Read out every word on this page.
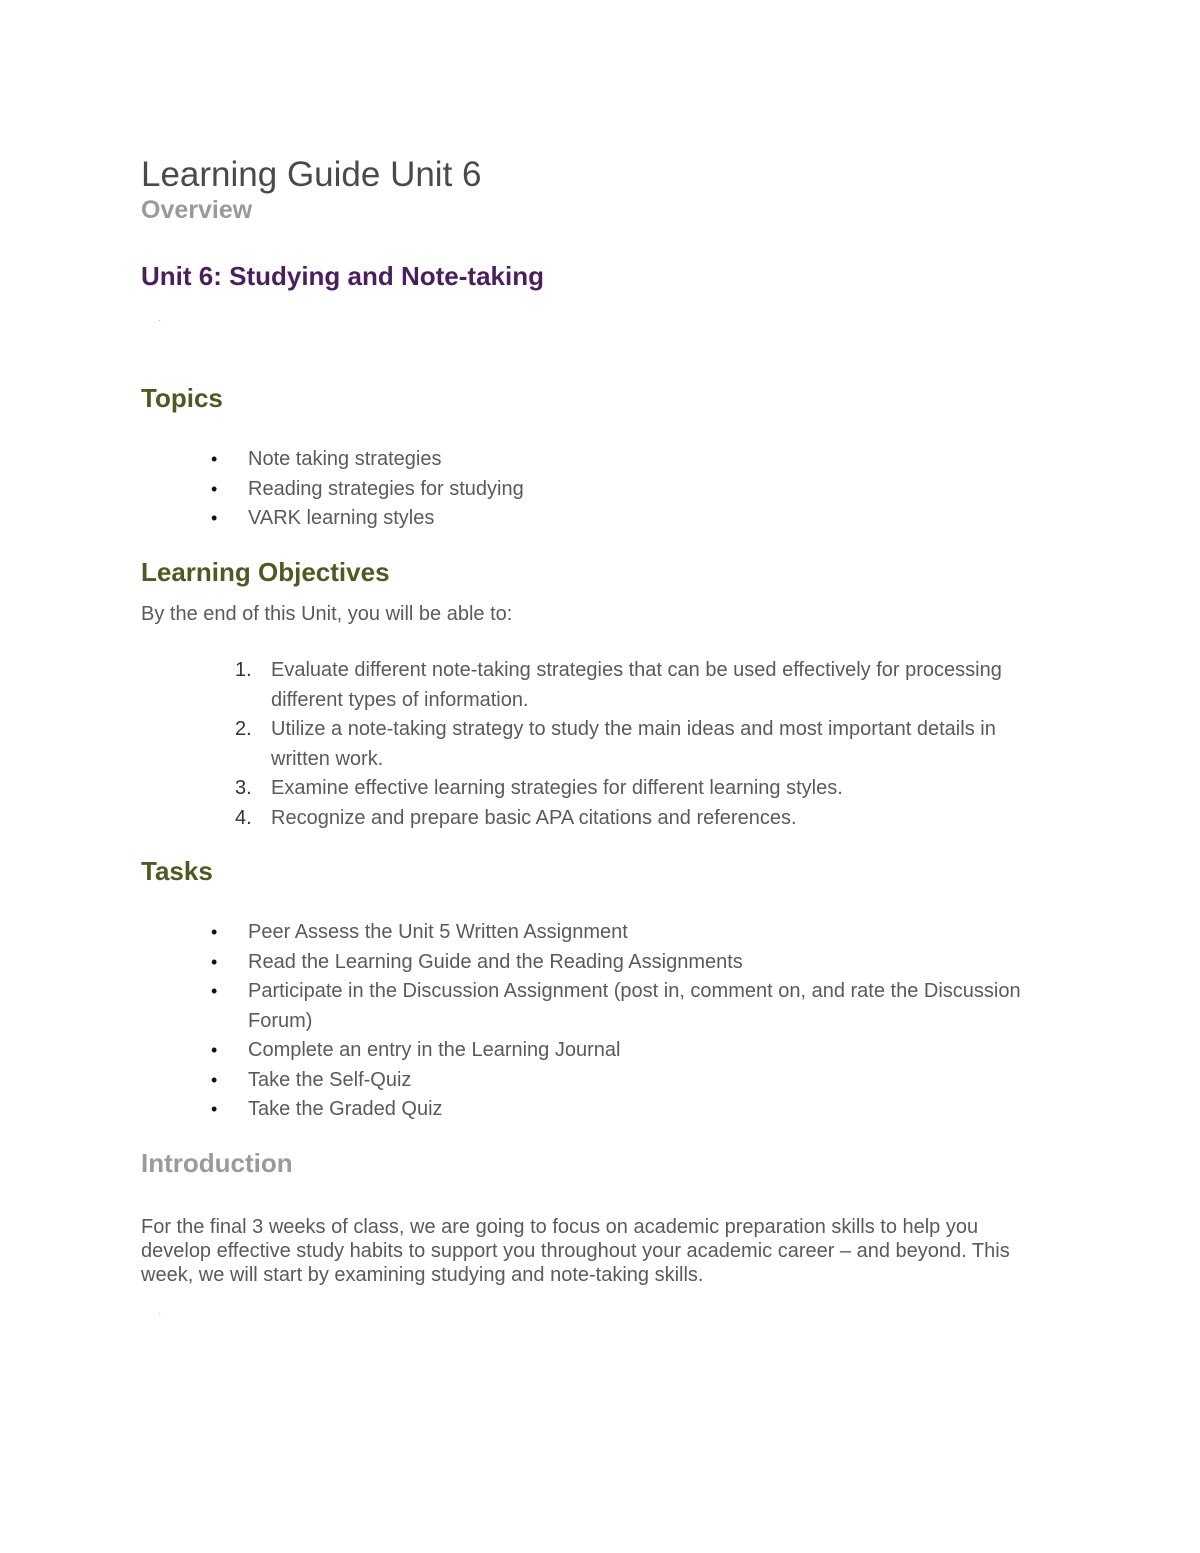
Learning Guide Unit 6
Overview
Unit 6: Studying and Note-taking
·
Topics
• Note taking strategies
• Reading strategies for studying
• VARK learning styles
Learning Objectives

By the end of this Unit, you will be able to:

1. Evaluate different note-taking strategies that can be used effectively for processing different types of information.
2. Utilize a note-taking strategy to study the main ideas and most important details in written work.
3. Examine effective learning strategies for different learning styles.
4. Recognize and prepare basic APA citations and references.
Tasks
• Peer Assess the Unit 5 Written Assignment
• Read the Learning Guide and the Reading Assignments
• Participate in the Discussion Assignment (post in, comment on, and rate the Discussion Forum)
• Complete an entry in the Learning Journal
• Take the Self-Quiz
• Take the Graded Quiz
Introduction

For the final 3 weeks of class, we are going to focus on academic preparation skills to help you develop effective study habits to support you throughout your academic career – and beyond. This week, we will start by examining studying and note-taking skills.

·
